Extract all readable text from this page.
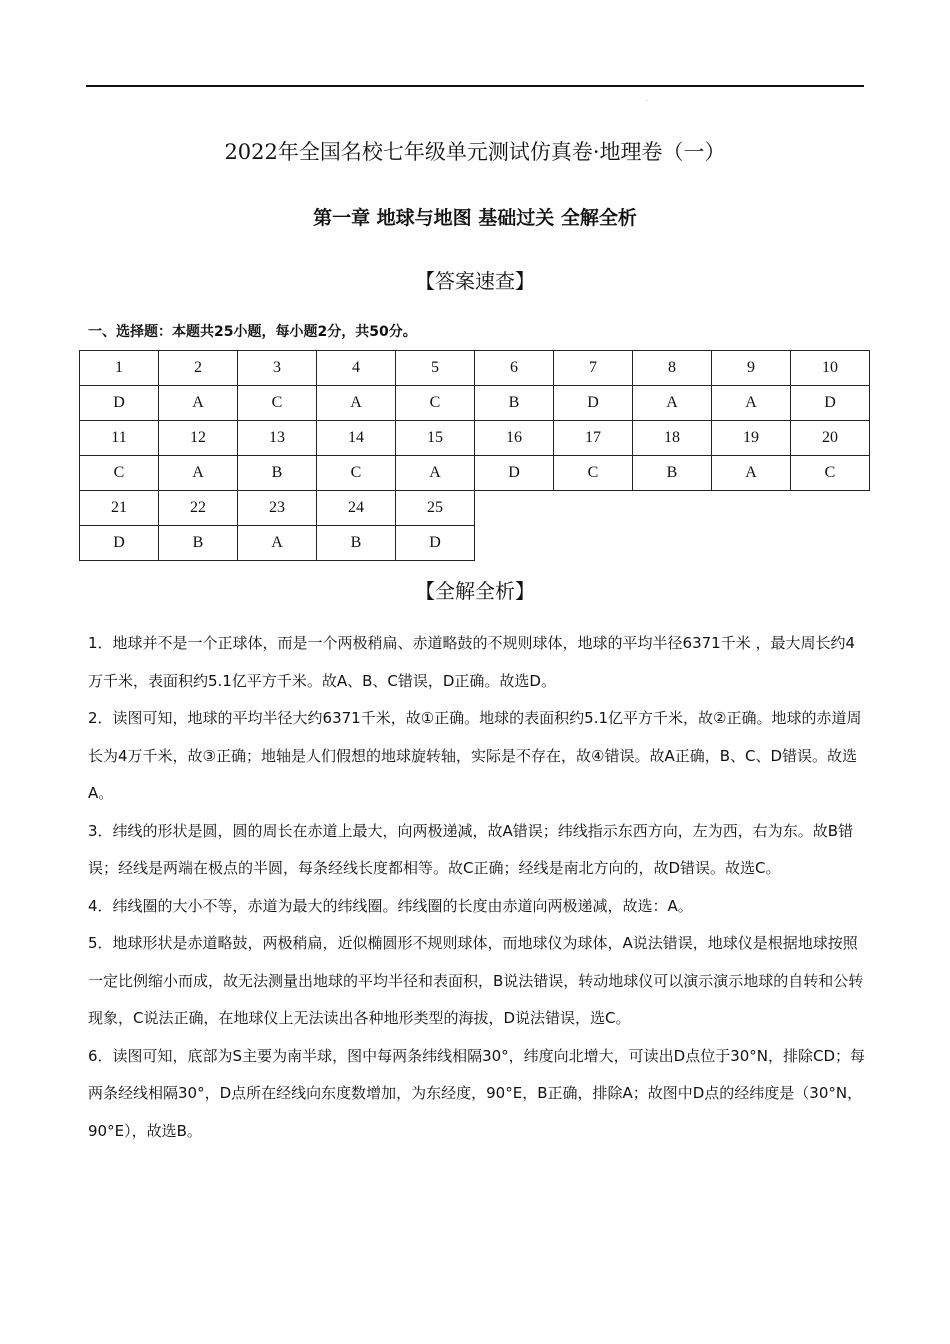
.
2022年全国名校七年级单元测试仿真卷·地理卷（一）
第一章 地球与地图 基础过关 全解全析
【答案速查】
一、选择题：本题共25小题，每小题2分，共50分。
1	2	3	4	5	6	7	8	9	10
D	A	C	A	C	B	D	A	A	D
11	12	13	14	15	16	17	18	19	20
C	A	B	C	A	D	C	B	A	C
21	22	23	24	25					
D	B	A	B	D					
【全解全析】

1．地球并不是一个正球体，而是一个两极稍扁、赤道略鼓的不规则球体，地球的平均半径6371千米 ，最大周长约4万千米，表面积约5.1亿平方千米。故A、B、C错误，D正确。故选D。

2．读图可知，地球的平均半径大约6371千米，故①正确。地球的表面积约5.1亿平方千米，故②正确。地球的赤道周长为4万千米，故③正确；地轴是人们假想的地球旋转轴，实际是不存在，故④错误。故A正确，B、C、D错误。故选A。

3．纬线的形状是圆，圆的周长在赤道上最大，向两极递减，故A错误；纬线指示东西方向，左为西，右为东。故B错误；经线是两端在极点的半圆，每条经线长度都相等。故C正确；经线是南北方向的，故D错误。故选C。

4．纬线圈的大小不等，赤道为最大的纬线圈。纬线圈的长度由赤道向两极递减，故选：A。

5．地球形状是赤道略鼓，两极稍扁，近似椭圆形不规则球体，而地球仪为球体，A说法错误，地球仪是根据地球按照一定比例缩小而成，故无法测量出地球的平均半径和表面积，B说法错误，转动地球仪可以演示演示地球的自转和公转现象，C说法正确，在地球仪上无法读出各种地形类型的海拔，D说法错误，选C。

6．读图可知，底部为S主要为南半球，图中每两条纬线相隔30°，纬度向北增大，可读出D点位于30°N，排除CD；每两条经线相隔30°，D点所在经线向东度数增加，为东经度，90°E，B正确，排除A；故图中D点的经纬度是（30°N，90°E），故选B。
